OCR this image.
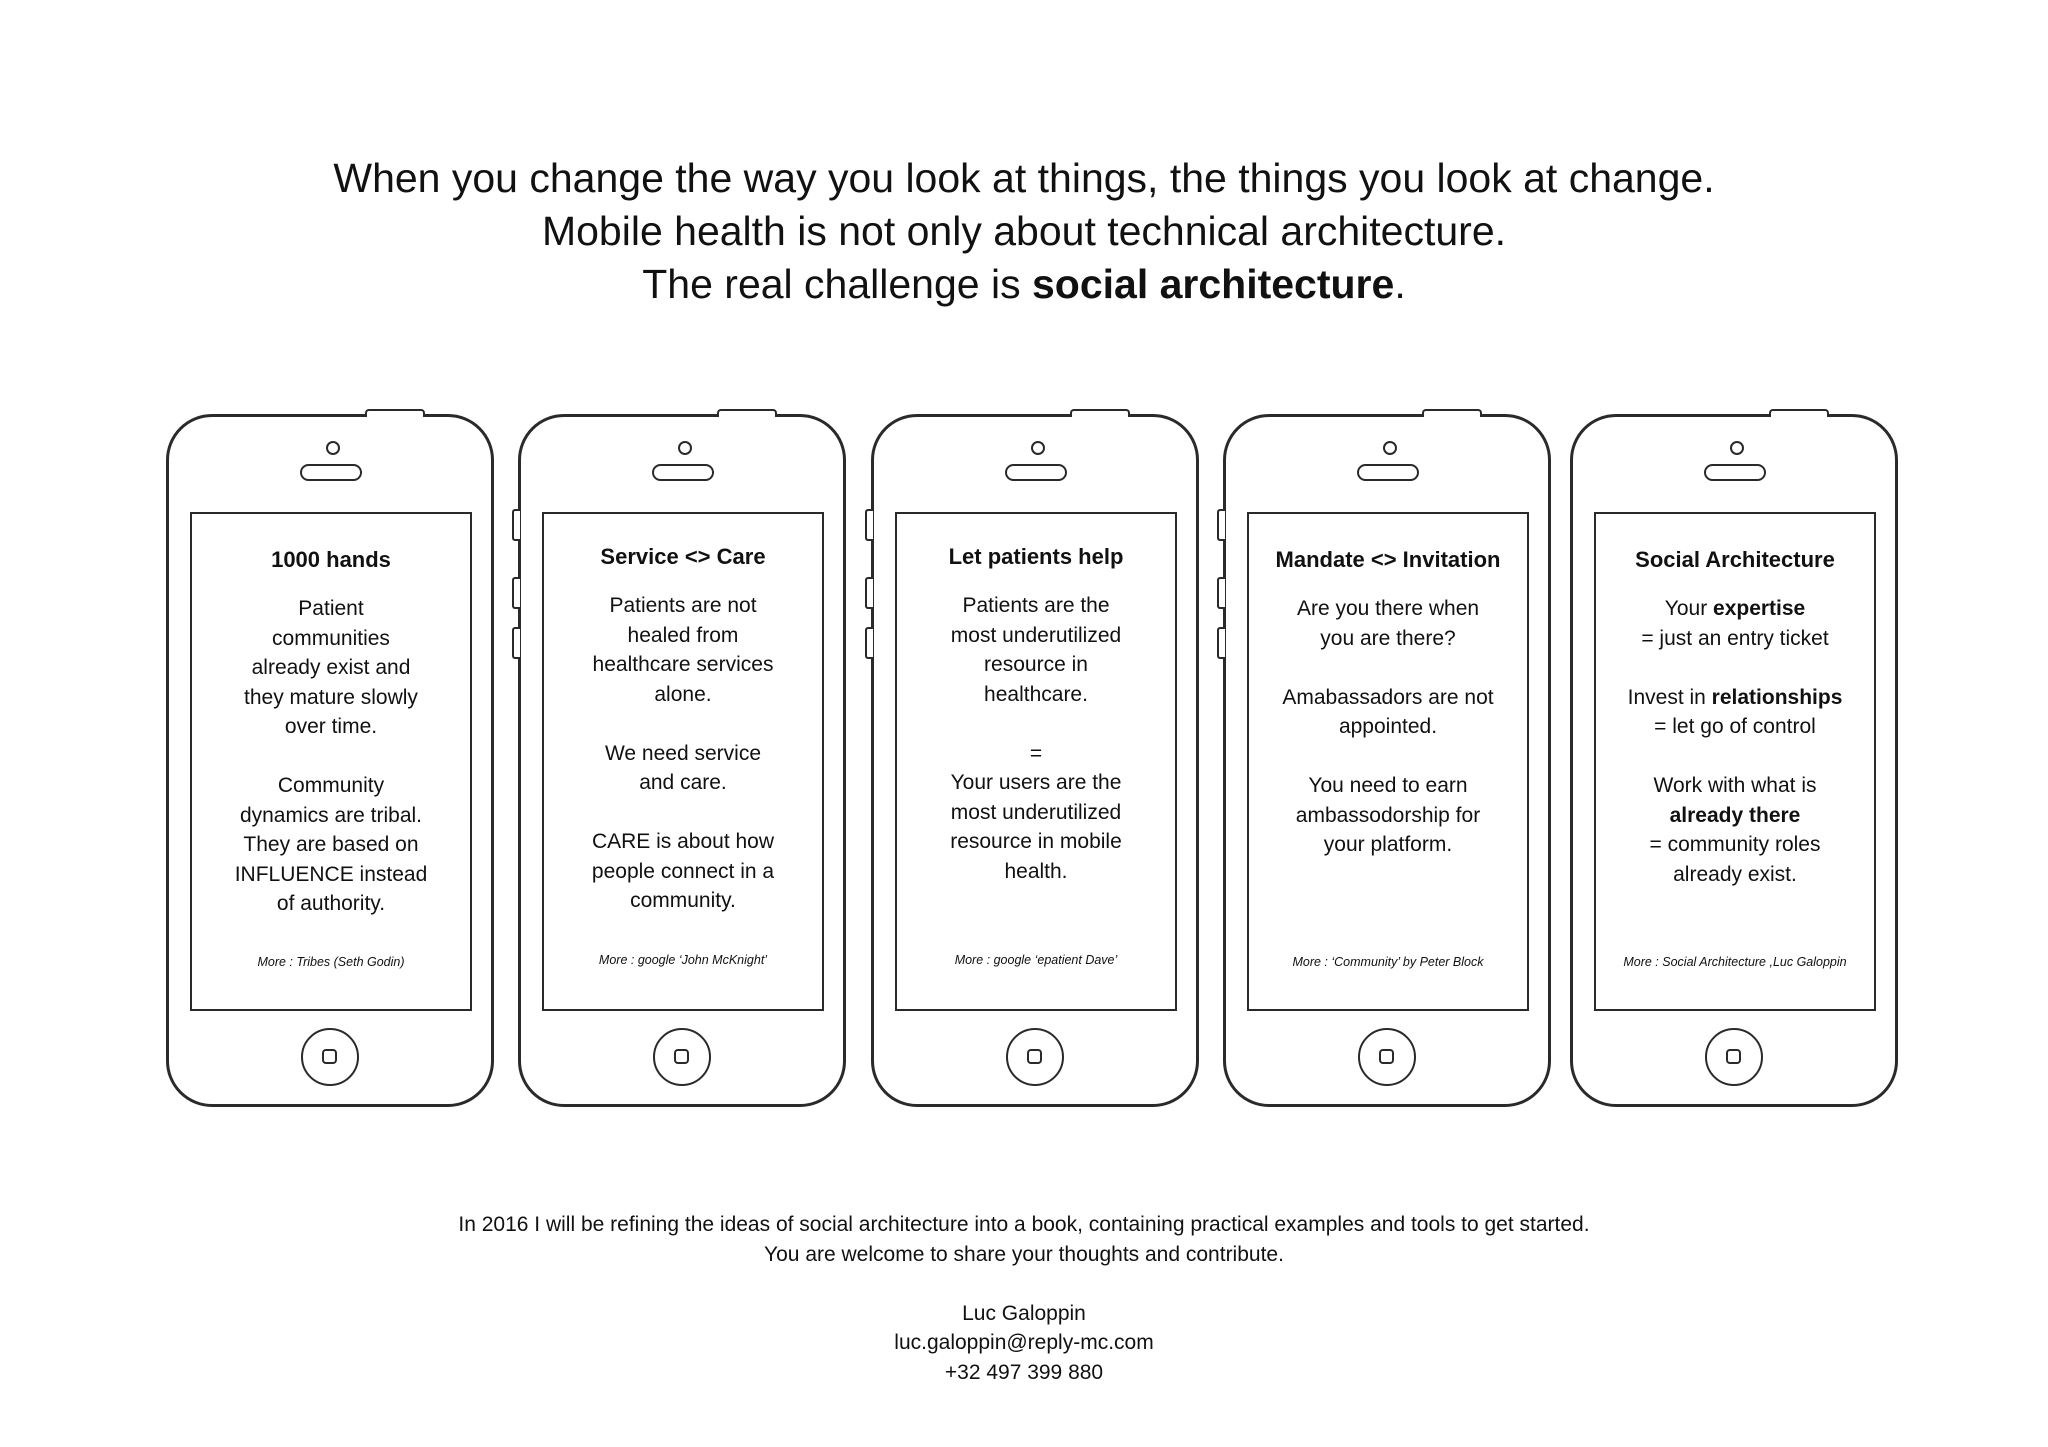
When you change the way you look at things, the things you look at change.
Mobile health is not only about technical architecture.
The real challenge is social architecture.
1000 hands
Patient
communities
already exist and
they mature slowly
over time.
Community
dynamics are tribal.
They are based on
INFLUENCE instead
of authority.
More : Tribes (Seth Godin)
Service <> Care
Patients are not
healed from
healthcare services
alone.
We need service
and care.
CARE is about how
people connect in a
community.
More : google ‘John McKnight’
Let patients help
Patients are the
most underutilized
resource in
healthcare.
=
Your users are the
most underutilized
resource in mobile
health.
More : google ‘epatient Dave’
Mandate <> Invitation
Are you there when
you are there?
Amabassadors are not
appointed.
You need to earn
ambassodorship for
your platform.
More : ‘Community’ by Peter Block
Social Architecture
Your expertise
= just an entry ticket
Invest in relationships
= let go of control
Work with what is
already there
= community roles
already exist.
More : Social Architecture ,Luc Galoppin
In 2016 I will be refining the ideas of social architecture into a book, containing practical examples and tools to get started.
You are welcome to share your thoughts and contribute.
Luc Galoppin
luc.galoppin@reply-mc.com
+32 497 399 880
